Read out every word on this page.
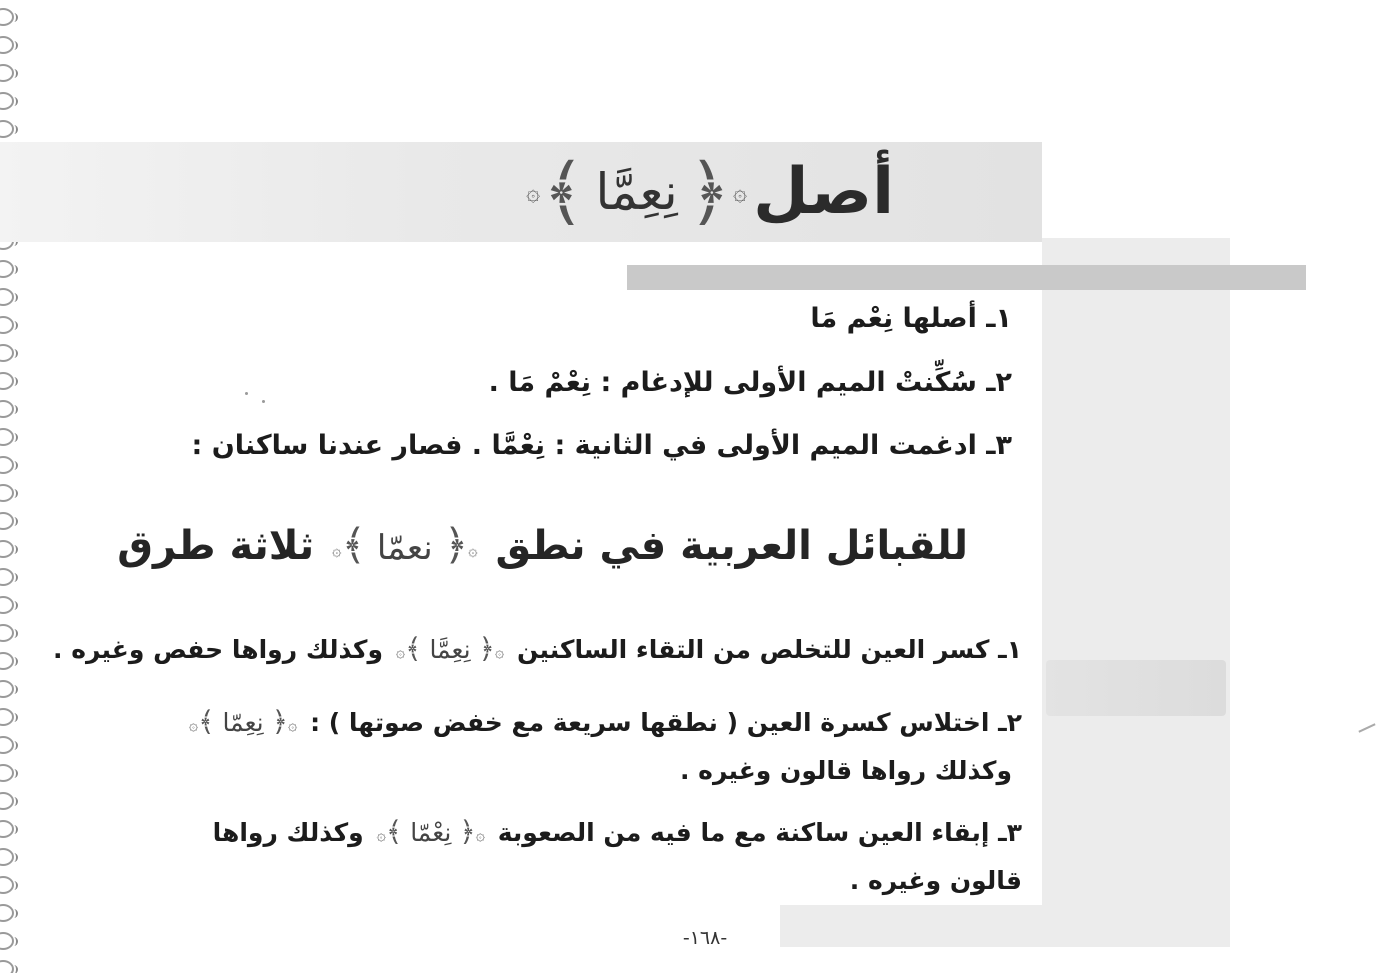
أصل
۞
﴿
نِعِمَّا
﴾
۞
١ـ أصلها نِعْم مَا
٢ـ سُكِّنتْ الميم الأولى للإدغام : نِعْمْ مَا .
٣ـ ادغمت الميم الأولى في الثانية : نِعْمَّا . فصار عندنا ساكنان :
للقبائل العربية في نطق ۞﴿ نعمّا ﴾۞ ثلاثة طرق
١ـ كسر العين للتخلص من التقاء الساكنين ۞﴿ نِعِمَّا ﴾۞ وكذلك رواها حفص وغيره .
٢ـ اختلاس كسرة العين ( نطقها سريعة مع خفض صوتها ) : ۞﴿ نِعِمّا ﴾۞
وكذلك رواها قالون وغيره .
٣ـ إبقاء العين ساكنة مع ما فيه من الصعوبة ۞﴿ نِعْمّا ﴾۞ وكذلك رواها
قالون وغيره .
-١٦٨-
